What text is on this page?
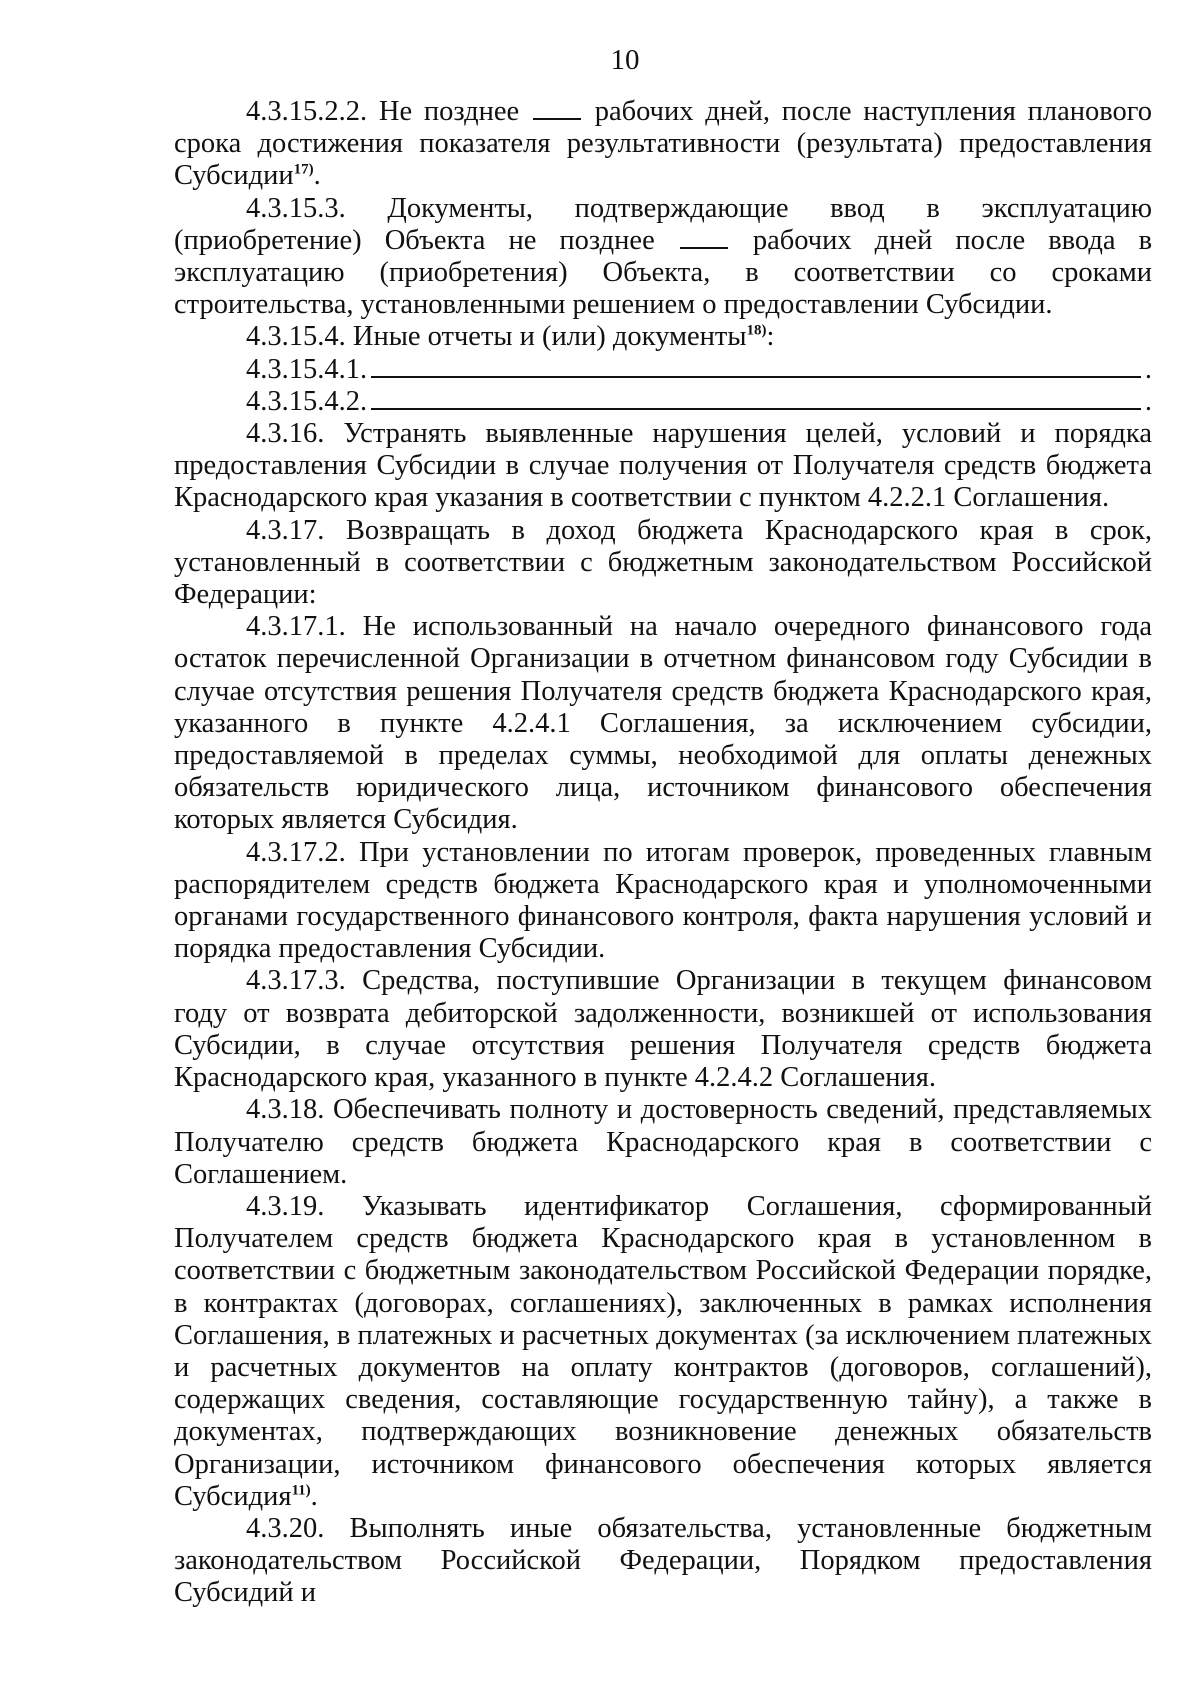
10

4.3.15.2.2. Не позднее	рабочих дней, после наступления планового срока достижения показателя результативности (результата) предоставления Субсидии$^{17)}$.

4.3.15.3. Документы, подтверждающие ввод в эксплуатацию (приобретение) Объекта не позднее	рабочих дней после ввода в эксплуатацию (приобретения) Объекта, в соответствии со сроками строительства, установленными решением о предоставлении Субсидии.

4.3.15.4. Иные отчеты и (или) документы$^{18)}$:

4.3.15.4.1.	.
4.3.15.4.2.	.

4.3.16. Устранять выявленные нарушения целей, условий и порядка предоставления Субсидии в случае получения от Получателя средств бюджета Краснодарского края указания в соответствии с пунктом 4.2.2.1 Соглашения.

4.3.17. Возвращать в доход бюджета Краснодарского края в срок, установленный в соответствии с бюджетным законодательством Российской Федерации:

4.3.17.1. Не использованный на начало очередного финансового года остаток перечисленной Организации в отчетном финансовом году Субсидии в случае отсутствия решения Получателя средств бюджета Краснодарского края, указанного в пункте 4.2.4.1 Соглашения, за исключением субсидии, предоставляемой в пределах суммы, необходимой для оплаты денежных обязательств юридического лица, источником финансового обеспечения которых является Субсидия.

4.3.17.2. При установлении по итогам проверок, проведенных главным распорядителем средств бюджета Краснодарского края и уполномоченными органами государственного финансового контроля, факта нарушения условий и порядка предоставления Субсидии.

4.3.17.3. Средства, поступившие Организации в текущем финансовом году от возврата дебиторской задолженности, возникшей от использования Субсидии, в случае отсутствия решения Получателя средств бюджета Краснодарского края, указанного в пункте 4.2.4.2 Соглашения.

4.3.18. Обеспечивать полноту и достоверность сведений, представляемых Получателю средств бюджета Краснодарского края в соответствии с Соглашением.

4.3.19. Указывать идентификатор Соглашения, сформированный Получателем средств бюджета Краснодарского края в установленном в соответствии с бюджетным законодательством Российской Федерации порядке, в контрактах (договорах, соглашениях), заключенных в рамках исполнения Соглашения, в платежных и расчетных документах (за исключением платежных и расчетных документов на оплату контрактов (договоров, соглашений), содержащих сведения, составляющие государственную тайну), а также в документах, подтверждающих возникновение денежных обязательств Организации, источником финансового обеспечения которых является Субсидия$^{11)}$.

4.3.20. Выполнять иные обязательства, установленные бюджетным законодательством Российской Федерации, Порядком предоставления Субсидий и
